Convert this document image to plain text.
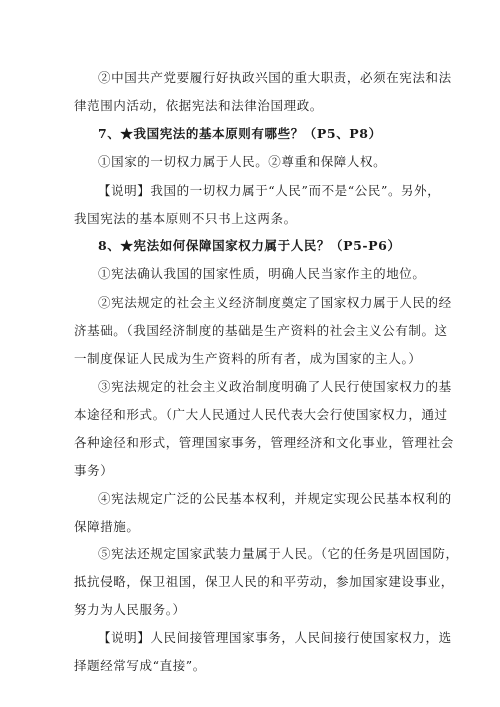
②中国共产党要履行好执政兴国的重大职责，必须在宪法和法
律范围内活动，依据宪法和法律治国理政。
7、★我国宪法的基本原则有哪些？（P5、P8）
①国家的一切权力属于人民。②尊重和保障人权。
【说明】我国的一切权力属于“人民”而不是“公民”。另外，
我国宪法的基本原则不只书上这两条。
8、★宪法如何保障国家权力属于人民？（P5-P6）
①宪法确认我国的国家性质，明确人民当家作主的地位。
②宪法规定的社会主义经济制度奠定了国家权力属于人民的经
济基础。（我国经济制度的基础是生产资料的社会主义公有制。这
一制度保证人民成为生产资料的所有者，成为国家的主人。）
③宪法规定的社会主义政治制度明确了人民行使国家权力的基
本途径和形式。（广大人民通过人民代表大会行使国家权力，通过
各种途径和形式，管理国家事务，管理经济和文化事业，管理社会
事务）
④宪法规定广泛的公民基本权利，并规定实现公民基本权利的
保障措施。
⑤宪法还规定国家武装力量属于人民。（它的任务是巩固国防，
抵抗侵略，保卫祖国，保卫人民的和平劳动，参加国家建设事业，
努力为人民服务。）
【说明】人民间接管理国家事务，人民间接行使国家权力，选
择题经常写成“直接”。
